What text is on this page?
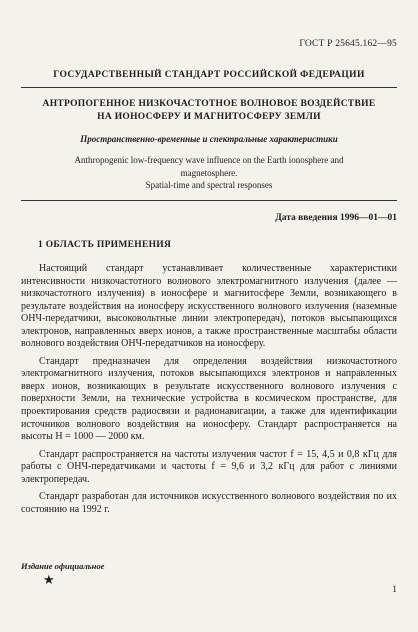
ГОСТ Р 25645.162—95
ГОСУДАРСТВЕННЫЙ СТАНДАРТ РОССИЙСКОЙ ФЕДЕРАЦИИ
АНТРОПОГЕННОЕ НИЗКОЧАСТОТНОЕ ВОЛНОВОЕ ВОЗДЕЙСТВИЕ
НА ИОНОСФЕРУ И МАГНИТОСФЕРУ ЗЕМЛИ
Пространственно-временные и спектральные характеристики
Anthropogenic low-frequency wave influence on the Earth ionosphere and
magnetosphere.
Spatial-time and spectral responses
Дата введения 1996—01—01
1 ОБЛАСТЬ ПРИМЕНЕНИЯ

Настоящий стандарт устанавливает количественные характеристики интенсивности низкочастотного волнового электромагнитного излучения (далее — низкочастотного излучения) в ионосфере и магнитосфере Земли, возникающего в результате воздействия на ионосферу искусственного волнового излучения (наземные ОНЧ-передатчики, высоковольтные линии электропередач), потоков высыпающихся электронов, направленных вверх ионов, а также пространственные масштабы области волнового воздействия ОНЧ-передатчиков на ионосферу.

Стандарт предназначен для определения воздействия низкочастотного электромагнитного излучения, потоков высыпающихся электронов и направленных вверх ионов, возникающих в результате искусственного волнового излучения с поверхности Земли, на технические устройства в космическом пространстве, для проектирования средств радиосвязи и радионавигации, а также для идентификации источников волнового воздействия на ионосферу. Стандарт распространяется на высоты H = 1000 — 2000 км.

Стандарт распространяется на частоты излучения частот f = 15, 4,5 и 0,8 кГц для работы с ОНЧ-передатчиками и частоты f = 9,6 и 3,2 кГц для работ с линиями электропередач.

Стандарт разработан для источников искусственного волнового воздействия по их состоянию на 1992 г.

Издание официальное
★
1
